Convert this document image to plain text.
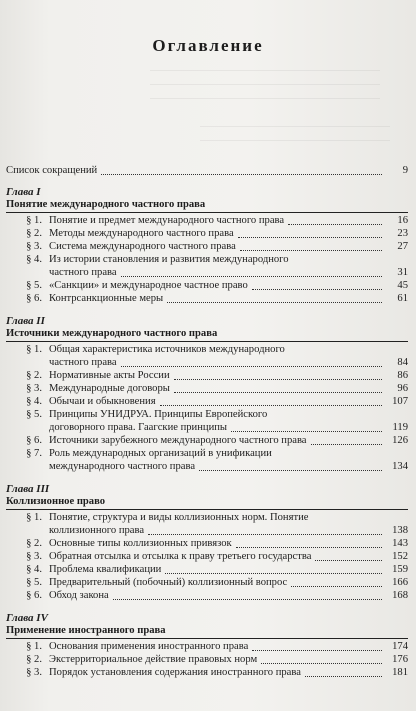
Оглавление
Список сокращений	9
Глава I
Понятие международного частного права
§ 1. Понятие и предмет международного частного права	16
§ 2. Методы международного частного права	23
§ 3. Система международного частного права	27
§ 4. Из истории становления и развития международного
частного права	31
§ 5. «Санкции» и международное частное право	45
§ 6. Контрсанкционные меры	61
Глава II
Источники международного частного права
§ 1. Общая характеристика источников международного
частного права	84
§ 2. Нормативные акты России	86
§ 3. Международные договоры	96
§ 4. Обычаи и обыкновения	107
§ 5. Принципы УНИДРУА. Принципы Европейского
договорного права. Гаагские принципы	119
§ 6. Источники зарубежного международного частного права	126
§ 7. Роль международных организаций в унификации
международного частного права	134
Глава III
Коллизионное право
§ 1. Понятие, структура и виды коллизионных норм. Понятие
коллизионного права	138
§ 2. Основные типы коллизионных привязок	143
§ 3. Обратная отсылка и отсылка к праву третьего государства	152
§ 4. Проблема квалификации	159
§ 5. Предварительный (побочный) коллизионный вопрос	166
§ 6. Обход закона	168
Глава IV
Применение иностранного права
§ 1. Основания применения иностранного права	174
§ 2. Экстерриториальное действие правовых норм	176
§ 3. Порядок установления содержания иностранного права	181
